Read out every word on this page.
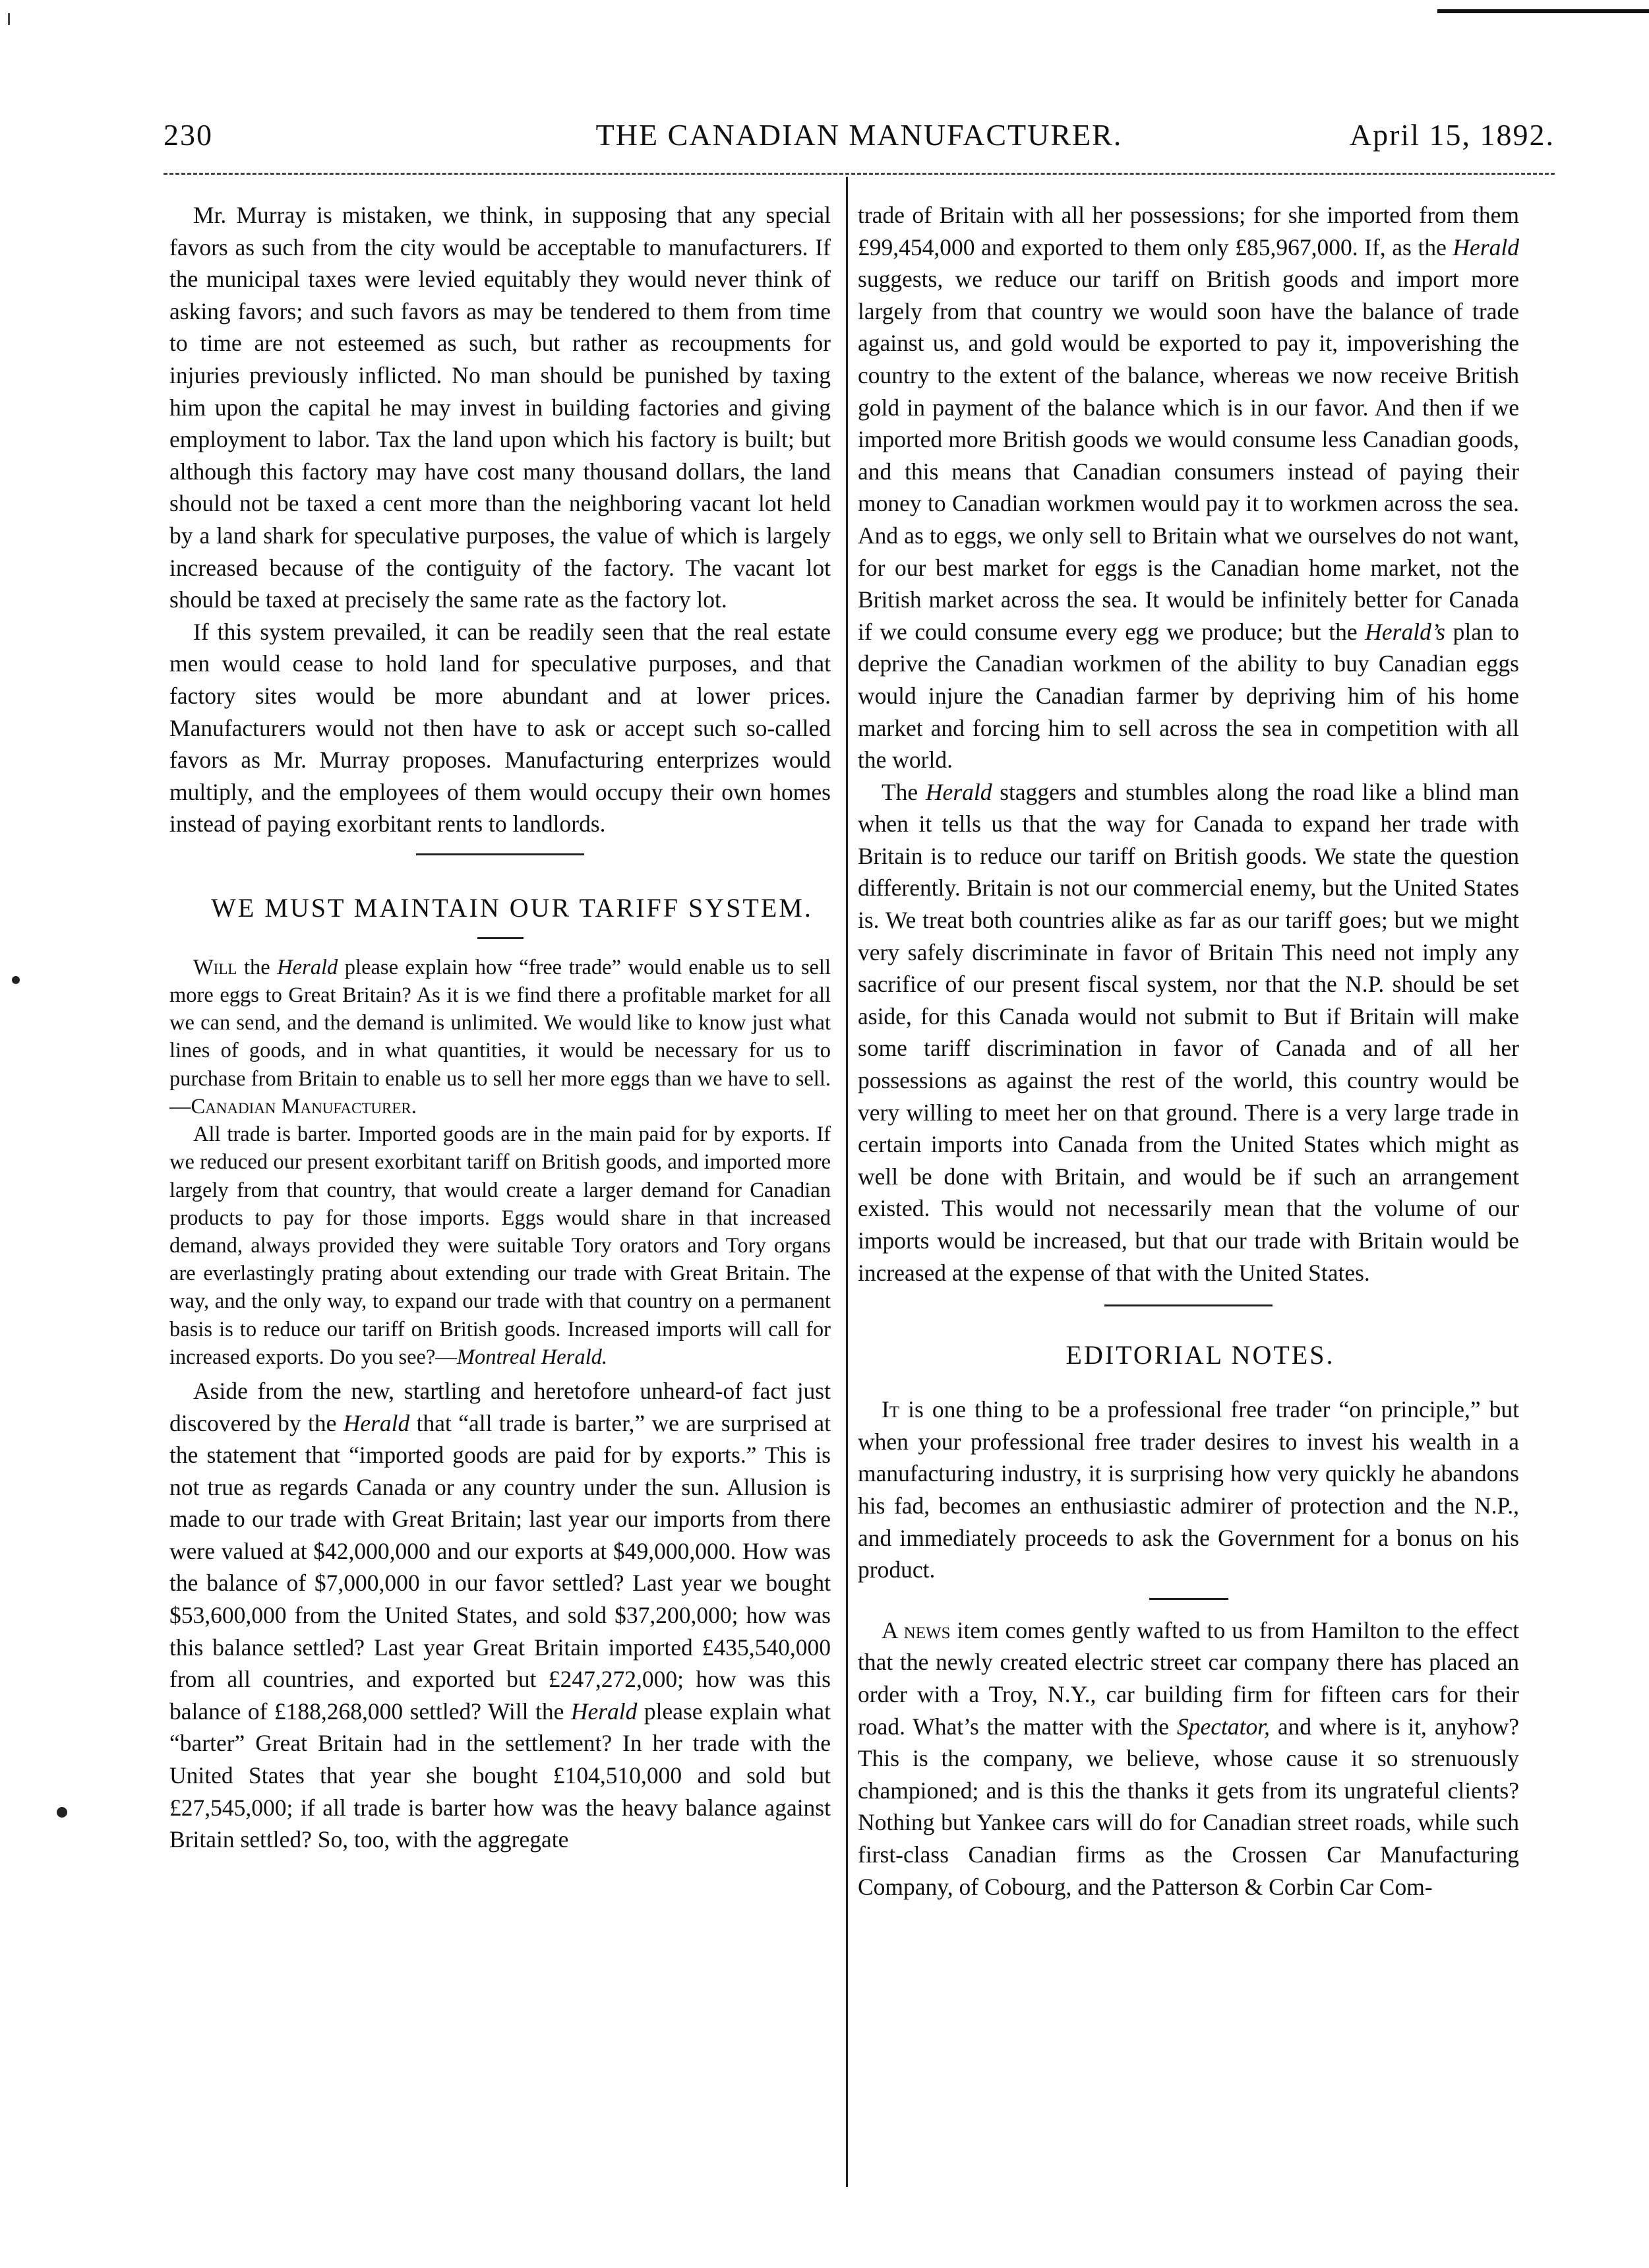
230	THE CANADIAN MANUFACTURER.	April 15, 1892.

Mr. Murray is mistaken, we think, in supposing that any special favors as such from the city would be acceptable to manufacturers. If the municipal taxes were levied equitably they would never think of asking favors; and such favors as may be tendered to them from time to time are not esteemed as such, but rather as recoupments for injuries previously inflicted. No man should be punished by taxing him upon the capital he may invest in building factories and giving employment to labor. Tax the land upon which his factory is built; but although this factory may have cost many thousand dollars, the land should not be taxed a cent more than the neighboring vacant lot held by a land shark for speculative purposes, the value of which is largely increased because of the contiguity of the factory. The vacant lot should be taxed at precisely the same rate as the factory lot.

If this system prevailed, it can be readily seen that the real estate men would cease to hold land for speculative purposes, and that factory sites would be more abundant and at lower prices. Manufacturers would not then have to ask or accept such so-called favors as Mr. Murray proposes. Manufacturing enterprizes would multiply, and the employees of them would occupy their own homes instead of paying exorbitant rents to landlords.

WE MUST MAINTAIN OUR TARIFF SYSTEM.

Will the Herald please explain how “free trade” would enable us to sell more eggs to Great Britain? As it is we find there a profitable market for all we can send, and the demand is unlimited. We would like to know just what lines of goods, and in what quantities, it would be necessary for us to purchase from Britain to enable us to sell her more eggs than we have to sell.—Canadian Manufacturer.

All trade is barter. Imported goods are in the main paid for by exports. If we reduced our present exorbitant tariff on British goods, and imported more largely from that country, that would create a larger demand for Canadian products to pay for those imports. Eggs would share in that increased demand, always provided they were suitable Tory orators and Tory organs are everlastingly prating about extending our trade with Great Britain. The way, and the only way, to expand our trade with that country on a permanent basis is to reduce our tariff on British goods. Increased imports will call for increased exports. Do you see?—Montreal Herald.

Aside from the new, startling and heretofore unheard-of fact just discovered by the Herald that “all trade is barter,” we are surprised at the statement that “imported goods are paid for by exports.” This is not true as regards Canada or any country under the sun. Allusion is made to our trade with Great Britain; last year our imports from there were valued at $42,000,000 and our exports at $49,000,000. How was the balance of $7,000,000 in our favor settled? Last year we bought $53,600,000 from the United States, and sold $37,200,000; how was this balance settled? Last year Great Britain imported £435,540,000 from all countries, and exported but £247,272,000; how was this balance of £188,268,000 settled? Will the Herald please explain what “barter” Great Britain had in the settlement? In her trade with the United States that year she bought £104,510,000 and sold but £27,545,000; if all trade is barter how was the heavy balance against Britain settled? So, too, with the aggregate

trade of Britain with all her possessions; for she imported from them £99,454,000 and exported to them only £85,967,000. If, as the Herald suggests, we reduce our tariff on British goods and import more largely from that country we would soon have the balance of trade against us, and gold would be exported to pay it, impoverishing the country to the extent of the balance, whereas we now receive British gold in payment of the balance which is in our favor. And then if we imported more British goods we would consume less Canadian goods, and this means that Canadian consumers instead of paying their money to Canadian workmen would pay it to workmen across the sea. And as to eggs, we only sell to Britain what we ourselves do not want, for our best market for eggs is the Canadian home market, not the British market across the sea. It would be infinitely better for Canada if we could consume every egg we produce; but the Herald’s plan to deprive the Canadian workmen of the ability to buy Canadian eggs would injure the Canadian farmer by depriving him of his home market and forcing him to sell across the sea in competition with all the world.

The Herald staggers and stumbles along the road like a blind man when it tells us that the way for Canada to expand her trade with Britain is to reduce our tariff on British goods. We state the question differently. Britain is not our commercial enemy, but the United States is. We treat both countries alike as far as our tariff goes; but we might very safely discriminate in favor of Britain This need not imply any sacrifice of our present fiscal system, nor that the N.P. should be set aside, for this Canada would not submit to But if Britain will make some tariff discrimination in favor of Canada and of all her possessions as against the rest of the world, this country would be very willing to meet her on that ground. There is a very large trade in certain imports into Canada from the United States which might as well be done with Britain, and would be if such an arrangement existed. This would not necessarily mean that the volume of our imports would be increased, but that our trade with Britain would be increased at the expense of that with the United States.

EDITORIAL NOTES.

It is one thing to be a professional free trader “on principle,” but when your professional free trader desires to invest his wealth in a manufacturing industry, it is surprising how very quickly he abandons his fad, becomes an enthusiastic admirer of protection and the N.P., and immediately proceeds to ask the Government for a bonus on his product.

A news item comes gently wafted to us from Hamilton to the effect that the newly created electric street car company there has placed an order with a Troy, N.Y., car building firm for fifteen cars for their road. What’s the matter with the Spectator, and where is it, anyhow? This is the company, we believe, whose cause it so strenuously championed; and is this the thanks it gets from its ungrateful clients? Nothing but Yankee cars will do for Canadian street roads, while such first-class Canadian firms as the Crossen Car Manufacturing Company, of Cobourg, and the Patterson & Corbin Car Com-
